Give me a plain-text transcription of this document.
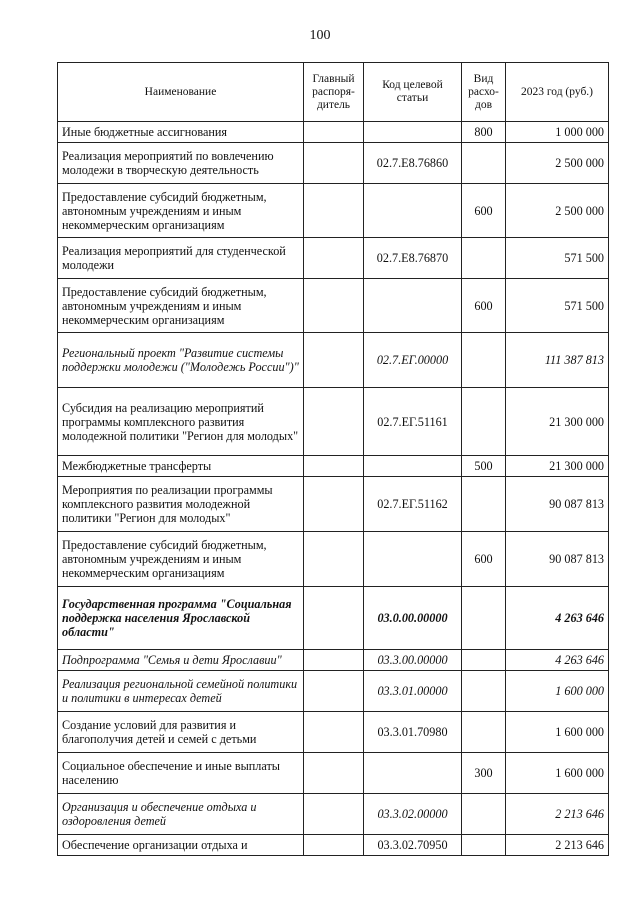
100
Наименование	Главный распоря-дитель	Код целевой статьи	Вид расхо-дов	2023 год (руб.)
Иные бюджетные ассигнования			800	1 000 000
Реализация мероприятий по вовлечению молодежи в творческую деятельность		02.7.Е8.76860		2 500 000
Предоставление субсидий бюджетным, автономным учреждениям и иным некоммерческим организациям			600	2 500 000
Реализация мероприятий для студенческой молодежи		02.7.Е8.76870		571 500
Предоставление субсидий бюджетным, автономным учреждениям и иным некоммерческим организациям			600	571 500
Региональный проект "Развитие системы поддержки молодежи ("Молодежь России")"		02.7.ЕГ.00000		111 387 813
Субсидия на реализацию мероприятий программы комплексного развития молодежной политики "Регион для молодых"		02.7.ЕГ.51161		21 300 000
Межбюджетные трансферты			500	21 300 000
Мероприятия по реализации программы комплексного развития молодежной политики "Регион для молодых"		02.7.ЕГ.51162		90 087 813
Предоставление субсидий бюджетным, автономным учреждениям и иным некоммерческим организациям			600	90 087 813
Государственная программа "Социальная поддержка населения Ярославской области"		03.0.00.00000		4 263 646
Подпрограмма "Семья и дети Ярославии"		03.3.00.00000		4 263 646
Реализация региональной семейной политики и политики в интересах детей		03.3.01.00000		1 600 000
Создание условий для развития и благополучия детей и семей с детьми		03.3.01.70980		1 600 000
Социальное обеспечение и иные выплаты населению			300	1 600 000
Организация и обеспечение отдыха и оздоровления детей		03.3.02.00000		2 213 646
Обеспечение организации отдыха и		03.3.02.70950		2 213 646
